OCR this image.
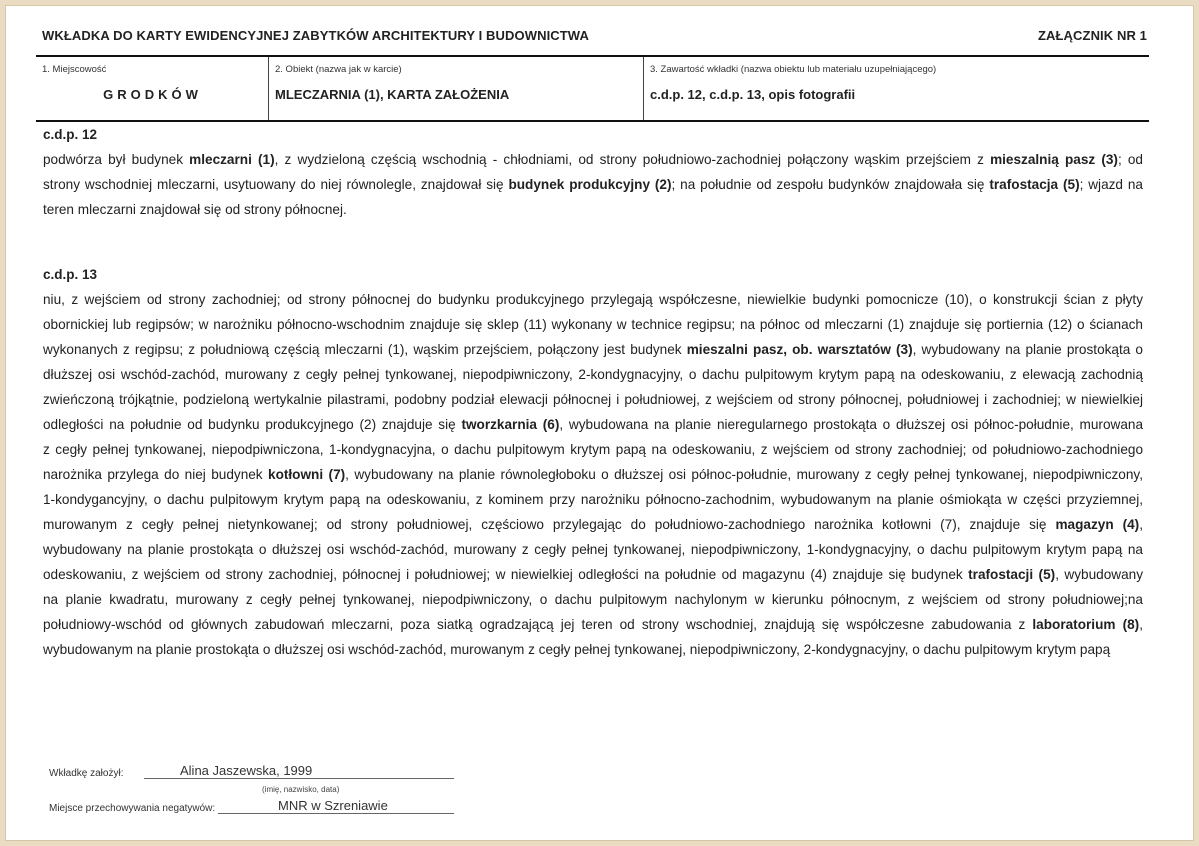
WKŁADKA DO KARTY EWIDENCYJNEJ ZABYTKÓW ARCHITEKTURY I BUDOWNICTWA	ZAŁĄCZNIK NR 1
1. Miejscowość
GRODKÓW
2. Obiekt (nazwa jak w karcie)
MLECZARNIA (1), KARTA ZAŁOŻENIA
3. Zawartość wkładki (nazwa obiektu lub materiału uzupełniającego)
c.d.p. 12, c.d.p. 13, opis fotografii
c.d.p. 12
podwórza był budynek mleczarni (1), z wydzieloną częścią wschodnią - chłodniami, od strony południowo-zachodniej połączony wąskim przejściem z mieszalnią pasz (3); od
strony wschodniej mleczarni, usytuowany do niej równolegle, znajdował się budynek produkcyjny (2); na południe od zespołu budynków znajdowała się trafostacja (5); wjazd na
teren mleczarni znajdował się od strony północnej.
c.d.p. 13
niu, z wejściem od strony zachodniej; od strony północnej do budynku produkcyjnego przylegają współczesne, niewielkie budynki pomocnicze (10), o konstrukcji ścian z płyty
obornickiej lub regipsów; w narożniku północno-wschodnim znajduje się sklep (11) wykonany w technice regipsu; na północ od mleczarni (1) znajduje się portiernia (12) o ścianach
wykonanych z regipsu; z południową częścią mleczarni (1), wąskim przejściem, połączony jest budynek mieszalni pasz, ob. warsztatów (3), wybudowany na planie prostokąta o
dłuższej osi wschód-zachód, murowany z cegły pełnej tynkowanej, niepodpiwniczony, 2-kondygnacyjny, o dachu pulpitowym krytym papą na odeskowaniu, z elewacją zachodnią
zwieńczoną trójkątnie, podzieloną wertykalnie pilastrami, podobny podział elewacji północnej i południowej, z wejściem od strony północnej, południowej i zachodniej; w niewielkiej
odległości na południe od budynku produkcyjnego (2) znajduje się tworzkarnia (6), wybudowana na planie nieregularnego prostokąta o dłuższej osi północ-południe, murowana
z cegły pełnej tynkowanej, niepodpiwniczona, 1-kondygnacyjna, o dachu pulpitowym krytym papą na odeskowaniu, z wejściem od strony zachodniej; od południowo-zachodniego
narożnika przylega do niej budynek kotłowni (7), wybudowany na planie równoległoboku o dłuższej osi północ-południe, murowany z cegły pełnej tynkowanej, niepodpiwniczony,
1-kondygancyjny, o dachu pulpitowym krytym papą na odeskowaniu, z kominem przy narożniku północno-zachodnim, wybudowanym na planie ośmiokąta w części przyziemnej,
murowanym z cegły pełnej nietynkowanej; od strony południowej, częściowo przylegając do południowo-zachodniego narożnika kotłowni (7), znajduje się magazyn (4),
wybudowany na planie prostokąta o dłuższej osi wschód-zachód, murowany z cegły pełnej tynkowanej, niepodpiwniczony, 1-kondygnacyjny, o dachu pulpitowym krytym papą na
odeskowaniu, z wejściem od strony zachodniej, północnej i południowej; w niewielkiej odległości na południe od magazynu (4) znajduje się budynek trafostacji (5), wybudowany
na planie kwadratu, murowany z cegły pełnej tynkowanej, niepodpiwniczony, o dachu pulpitowym nachylonym w kierunku północnym, z wejściem od strony południowej;na
południowy-wschód od głównych zabudowań mleczarni, poza siatką ogradzającą jej teren od strony wschodniej, znajdują się współczesne zabudowania z laboratorium (8),
wybudowanym na planie prostokąta o dłuższej osi wschód-zachód, murowanym z cegły pełnej tynkowanej, niepodpiwniczony, 2-kondygnacyjny, o dachu pulpitowym krytym papą
Wkładkę założył:	Alina Jaszewska, 1999
(imię, nazwisko, data)
Miejsce przechowywania negatywów:	MNR w Szreniawie
